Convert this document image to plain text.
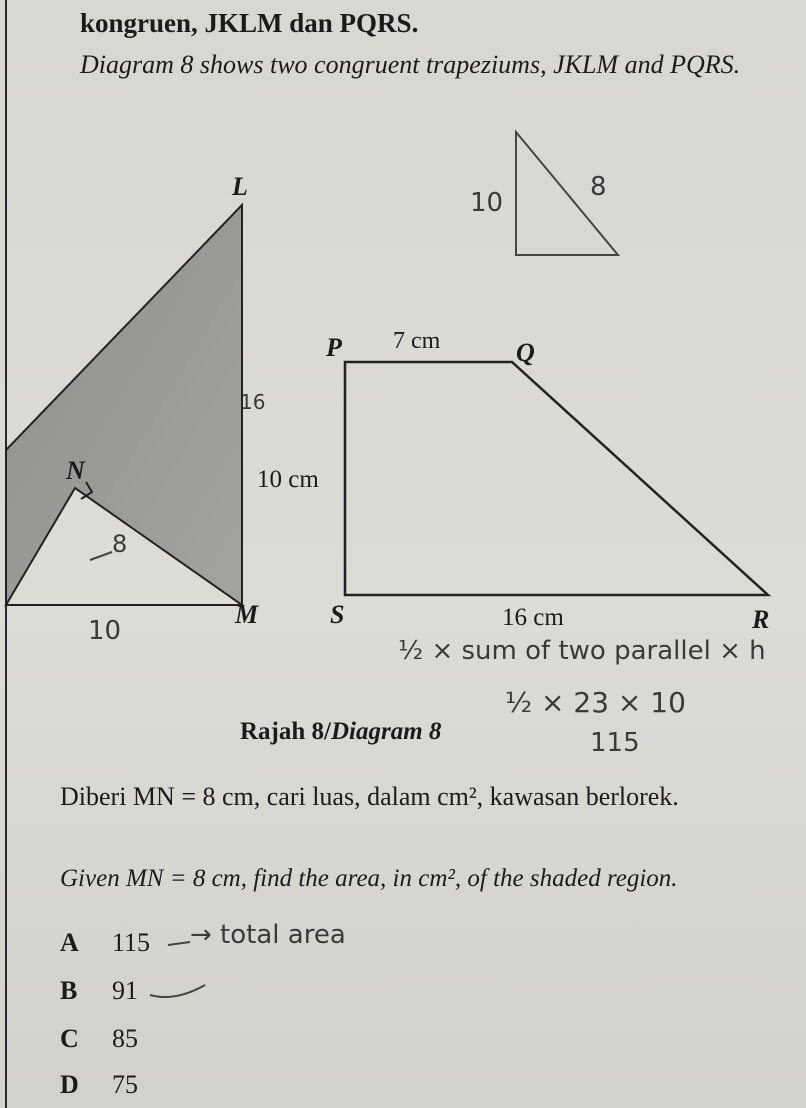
kongruen, JKLM dan PQRS.
Diagram 8 shows two congruent trapeziums, JKLM and PQRS.
L
N
M
P	Q
R
S
7 cm
10 cm
16 cm
10
8
16
8
10
½ × sum of two parallel × h
½ × 23 × 10
115
Rajah 8/Diagram 8
Diberi MN = 8 cm, cari luas, dalam cm², kawasan berlorek.
Given MN = 8 cm, find the area, in cm², of the shaded region.
A 115
B 91
C 85
D 75
→ total area
